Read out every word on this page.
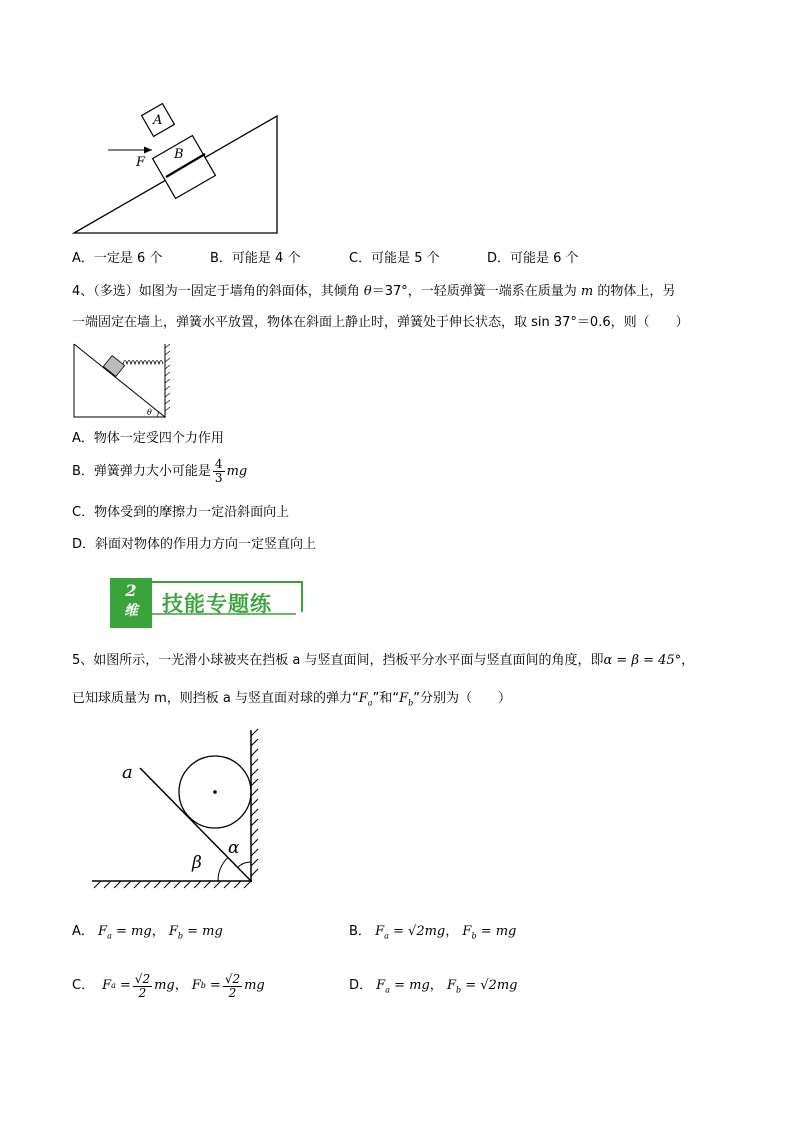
A
B
F
A．一定是 6 个	B．可能是 4 个	C．可能是 5 个	D．可能是 6 个
4、（多选）如图为一固定于墙角的斜面体，其倾角 θ＝37°，一轻质弹簧一端系在质量为 m 的物体上，另
一端固定在墙上，弹簧水平放置，物体在斜面上静止时，弹簧处于伸长状态，取 sin 37°＝0.6，则（　　）
θ
A．物体一定受四个力作用
B．弹簧弹力大小可能是 $\frac{4}{3}$ mg
C．物体受到的摩擦力一定沿斜面向上
D．斜面对物体的作用力方向一定竖直向上
2
维	技能专题练
5、如图所示，一光滑小球被夹在挡板 a 与竖直面间，挡板平分水平面与竖直面间的角度，即α = β = 45°，
已知球质量为 m，则挡板 a 与竖直面对球的弹力“$F_a$”和“$F_b$”分别为（　　）
a
α
β
A． $F_a$ = mg， $F_b$ = mg	B． $F_a = √2mg$， $F_b$ = mg
C． F $a = \frac{√2}{2}$ mg ， F $b = \frac{√2}{2}$ mg	D． $F_a$ = mg， $F_b = √2mg$
